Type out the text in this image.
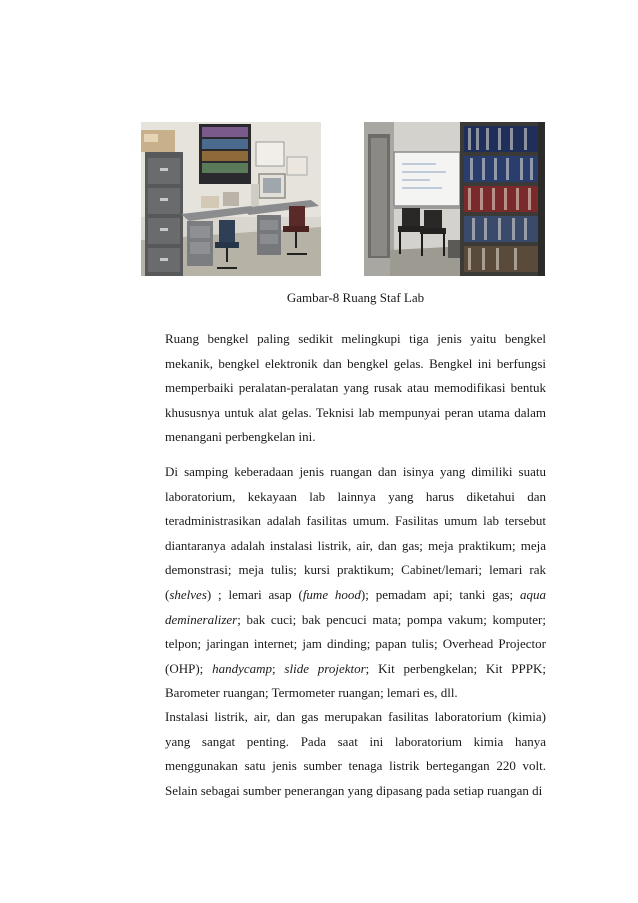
Gambar-8 Ruang Staf Lab

Ruang bengkel paling sedikit melingkupi tiga jenis yaitu bengkel mekanik, bengkel elektronik dan bengkel gelas. Bengkel ini berfungsi memperbaiki peralatan-peralatan yang rusak atau memodifikasi bentuk khususnya untuk alat gelas. Teknisi lab mempunyai peran utama dalam menangani perbengkelan ini.

Di samping keberadaan jenis ruangan dan isinya yang dimiliki suatu laboratorium, kekayaan lab lainnya yang harus diketahui dan teradministrasikan adalah fasilitas umum. Fasilitas umum lab tersebut diantaranya adalah instalasi listrik, air, dan gas; meja praktikum; meja demonstrasi; meja tulis; kursi praktikum; Cabinet/lemari; lemari rak (shelves) ; lemari asap (fume hood); pemadam api; tanki gas; aqua demineralizer; bak cuci; bak pencuci mata; pompa vakum; komputer; telpon; jaringan internet; jam dinding; papan tulis; Overhead Projector (OHP); handycamp; slide projektor; Kit perbengkelan; Kit PPPK; Barometer ruangan; Termometer ruangan; lemari es, dll.

Instalasi listrik, air, dan gas merupakan fasilitas laboratorium (kimia) yang sangat penting. Pada saat ini laboratorium kimia hanya menggunakan satu jenis sumber tenaga listrik bertegangan 220 volt. Selain sebagai sumber penerangan yang dipasang pada setiap ruangan di
